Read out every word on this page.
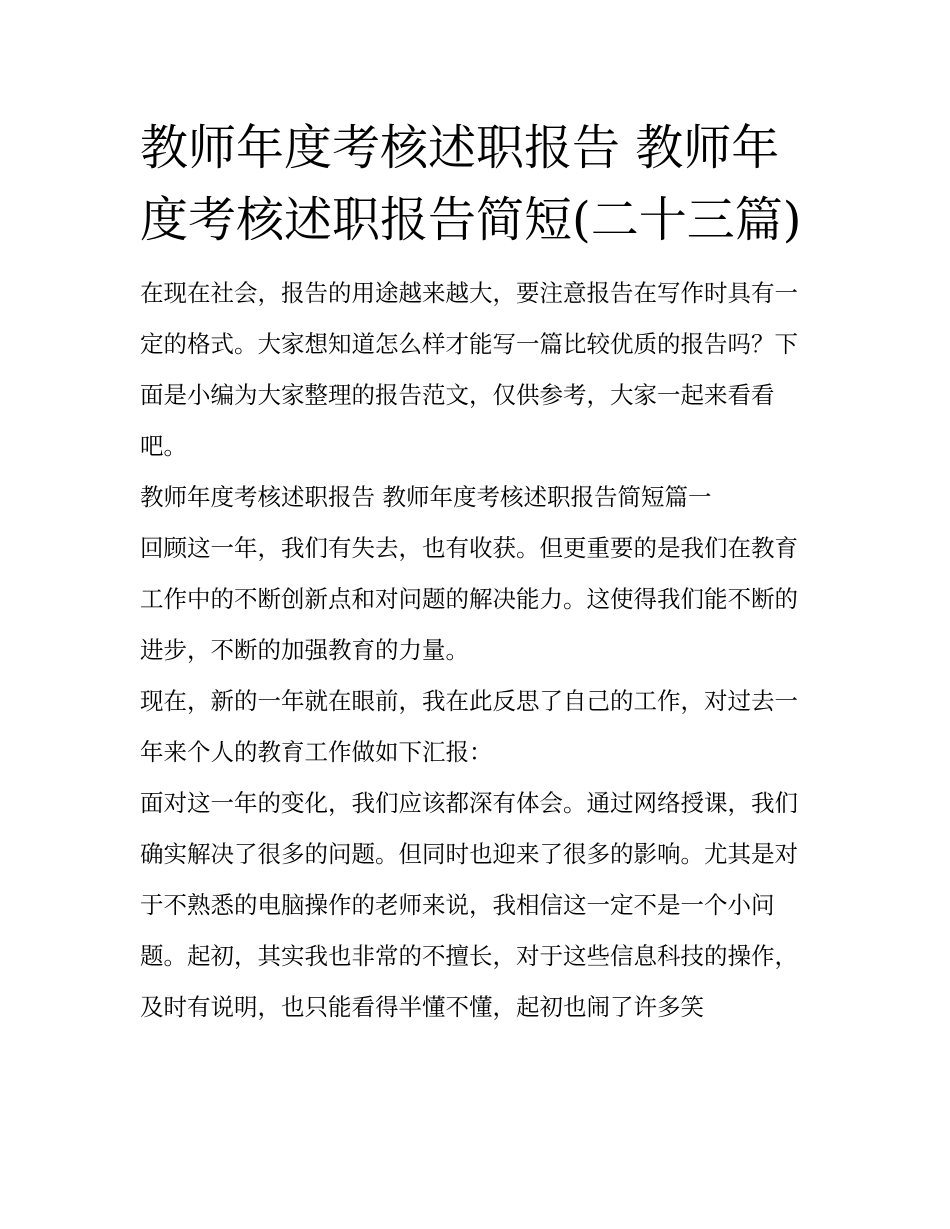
教师年度考核述职报告 教师年度考核述职报告简短(二十三篇)

在现在社会，报告的用途越来越大，要注意报告在写作时具有一定的格式。大家想知道怎么样才能写一篇比较优质的报告吗？下面是小编为大家整理的报告范文，仅供参考，大家一起来看看吧。

教师年度考核述职报告 教师年度考核述职报告简短篇一

回顾这一年，我们有失去，也有收获。但更重要的是我们在教育工作中的不断创新点和对问题的解决能力。这使得我们能不断的进步，不断的加强教育的力量。

现在，新的一年就在眼前，我在此反思了自己的工作，对过去一年来个人的教育工作做如下汇报：

面对这一年的变化，我们应该都深有体会。通过网络授课，我们确实解决了很多的问题。但同时也迎来了很多的影响。尤其是对于不熟悉的电脑操作的老师来说，我相信这一定不是一个小问题。起初，其实我也非常的不擅长，对于这些信息科技的操作，及时有说明，也只能看得半懂不懂，起初也闹了许多笑
